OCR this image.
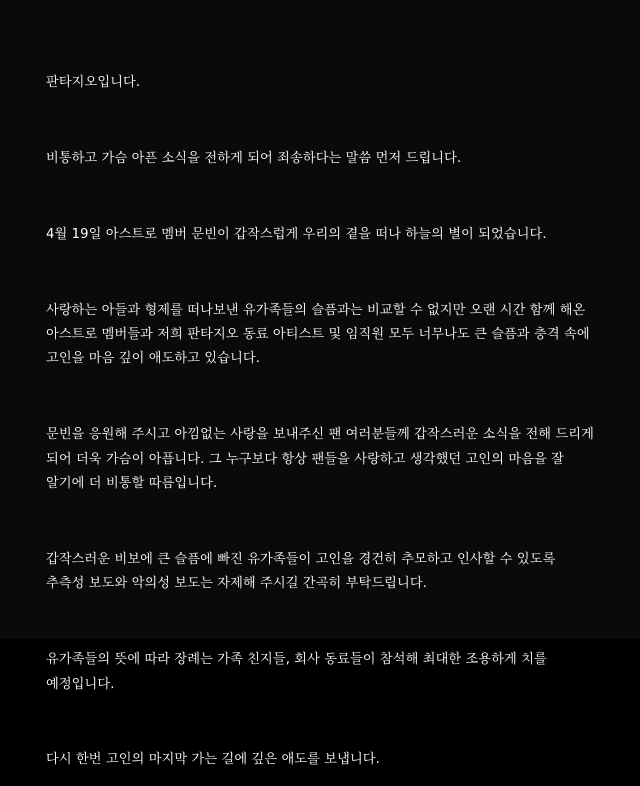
판타지오입니다.

비통하고 가슴 아픈 소식을 전하게 되어 죄송하다는 말씀 먼저 드립니다.

4월 19일 아스트로 멤버 문빈이 갑작스럽게 우리의 곁을 떠나 하늘의 별이 되었습니다.

사랑하는 아들과 형제를 떠나보낸 유가족들의 슬픔과는 비교할 수 없지만 오랜 시간 함께 해온 아스트로 멤버들과 저희 판타지오 동료 아티스트 및 임직원 모두 너무나도 큰 슬픔과 충격 속에 고인을 마음 깊이 애도하고 있습니다.

문빈을 응원해 주시고 아낌없는 사랑을 보내주신 팬 여러분들께 갑작스러운 소식을 전해 드리게 되어 더욱 가슴이 아픕니다. 그 누구보다 항상 팬들을 사랑하고 생각했던 고인의 마음을 잘 알기에 더 비통할 따름입니다.

갑작스러운 비보에 큰 슬픔에 빠진 유가족들이 고인을 경건히 추모하고 인사할 수 있도록 추측성 보도와 악의성 보도는 자제해 주시길 간곡히 부탁드립니다.

유가족들의 뜻에 따라 장례는 가족 친지들, 회사 동료들이 참석해 최대한 조용하게 치를 예정입니다.

다시 한번 고인의 마지막 가는 길에 깊은 애도를 보냅니다.
